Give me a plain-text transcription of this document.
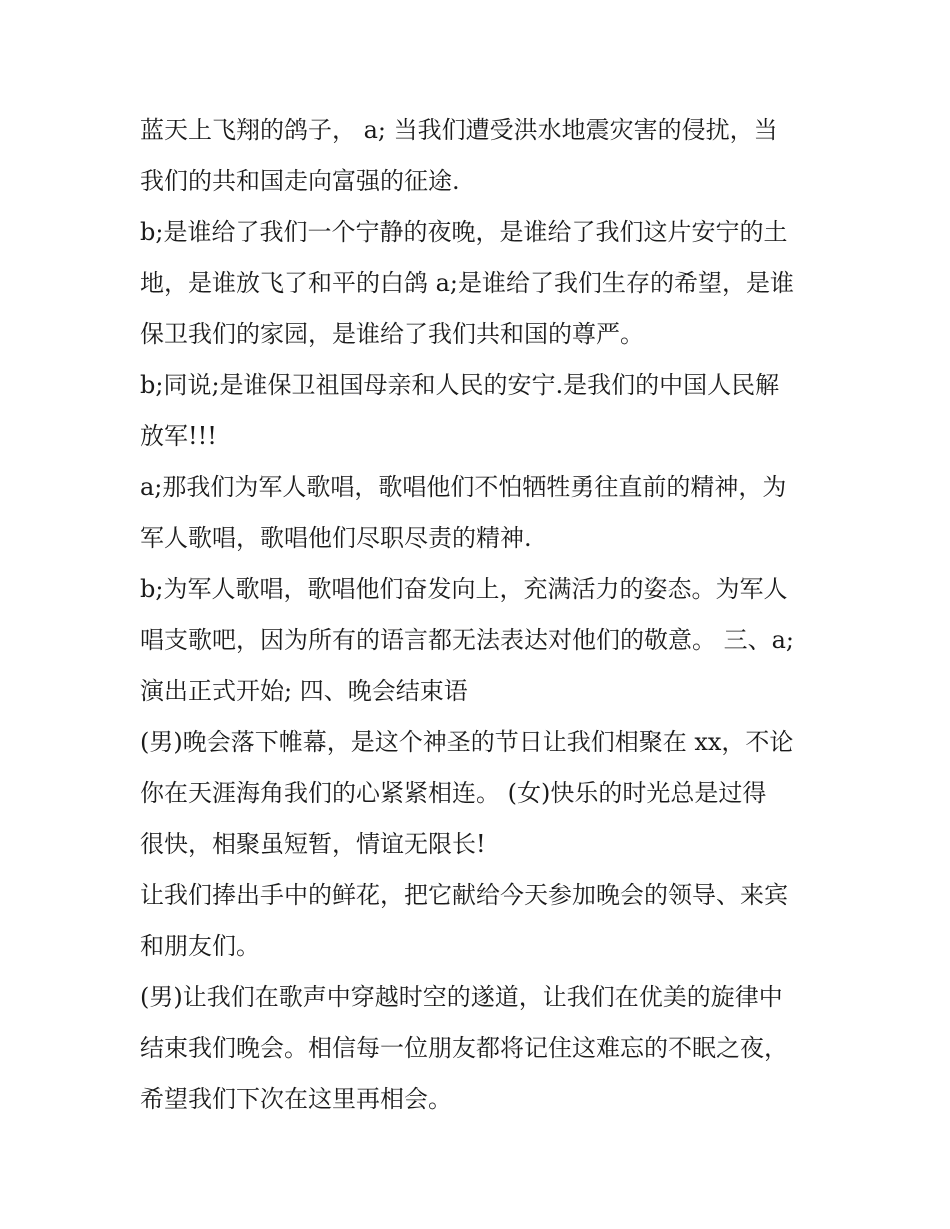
蓝天上飞翔的鸽子， a; 当我们遭受洪水地震灾害的侵扰，当
我们的共和国走向富强的征途.
b;是谁给了我们一个宁静的夜晚，是谁给了我们这片安宁的土
地，是谁放飞了和平的白鸽 a;是谁给了我们生存的希望，是谁
保卫我们的家园，是谁给了我们共和国的尊严。
b;同说;是谁保卫祖国母亲和人民的安宁.是我们的中国人民解
放军!!!
a;那我们为军人歌唱，歌唱他们不怕牺牲勇往直前的精神，为
军人歌唱，歌唱他们尽职尽责的精神.
b;为军人歌唱，歌唱他们奋发向上，充满活力的姿态。为军人
唱支歌吧，因为所有的语言都无法表达对他们的敬意。 三、a;
演出正式开始; 四、晚会结束语
(男)晚会落下帷幕，是这个神圣的节日让我们相聚在 xx，不论
你在天涯海角我们的心紧紧相连。 (女)快乐的时光总是过得
很快，相聚虽短暂，情谊无限长!
让我们捧出手中的鲜花，把它献给今天参加晚会的领导、来宾
和朋友们。
(男)让我们在歌声中穿越时空的遂道，让我们在优美的旋律中
结束我们晚会。相信每一位朋友都将记住这难忘的不眠之夜，
希望我们下次在这里再相会。
